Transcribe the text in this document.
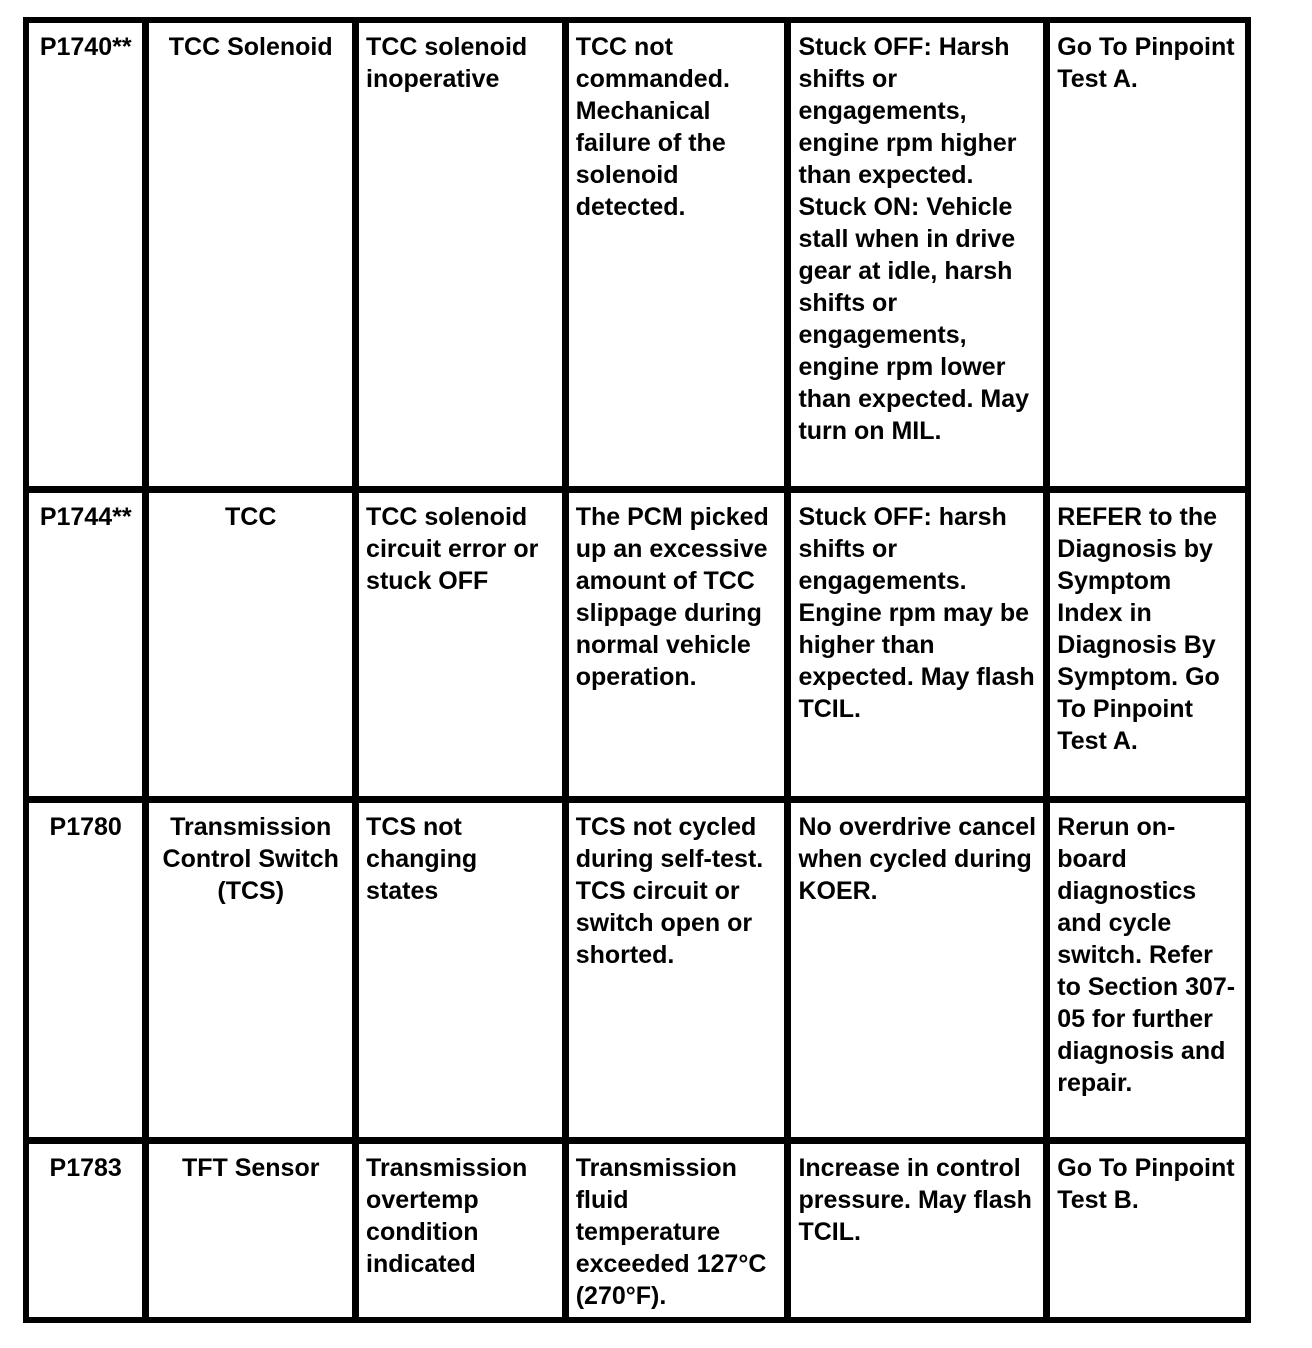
P1740**	TCC Solenoid	TCC solenoid inoperative	TCC not commanded. Mechanical failure of the solenoid detected.	Stuck OFF: Harsh shifts or engagements, engine rpm higher than expected. Stuck ON: Vehicle stall when in drive gear at idle, harsh shifts or engagements, engine rpm lower than expected. May turn on MIL.	Go To Pinpoint Test A.
P1744**	TCC	TCC solenoid circuit error or stuck OFF	The PCM picked up an excessive amount of TCC slippage during normal vehicle operation.	Stuck OFF: harsh shifts or engagements. Engine rpm may be higher than expected. May flash TCIL.	REFER to the Diagnosis by Symptom Index in Diagnosis By Symptom. Go To Pinpoint Test A.
P1780	Transmission Control Switch (TCS)	TCS not changing states	TCS not cycled during self-test. TCS circuit or switch open or shorted.	No overdrive cancel when cycled during KOER.	Rerun on-board diagnostics and cycle switch. Refer to Section 307-05 for further diagnosis and repair.
P1783	TFT Sensor	Transmission overtemp condition indicated	Transmission fluid temperature exceeded 127°C (270°F).	Increase in control pressure. May flash TCIL.	Go To Pinpoint Test B.
